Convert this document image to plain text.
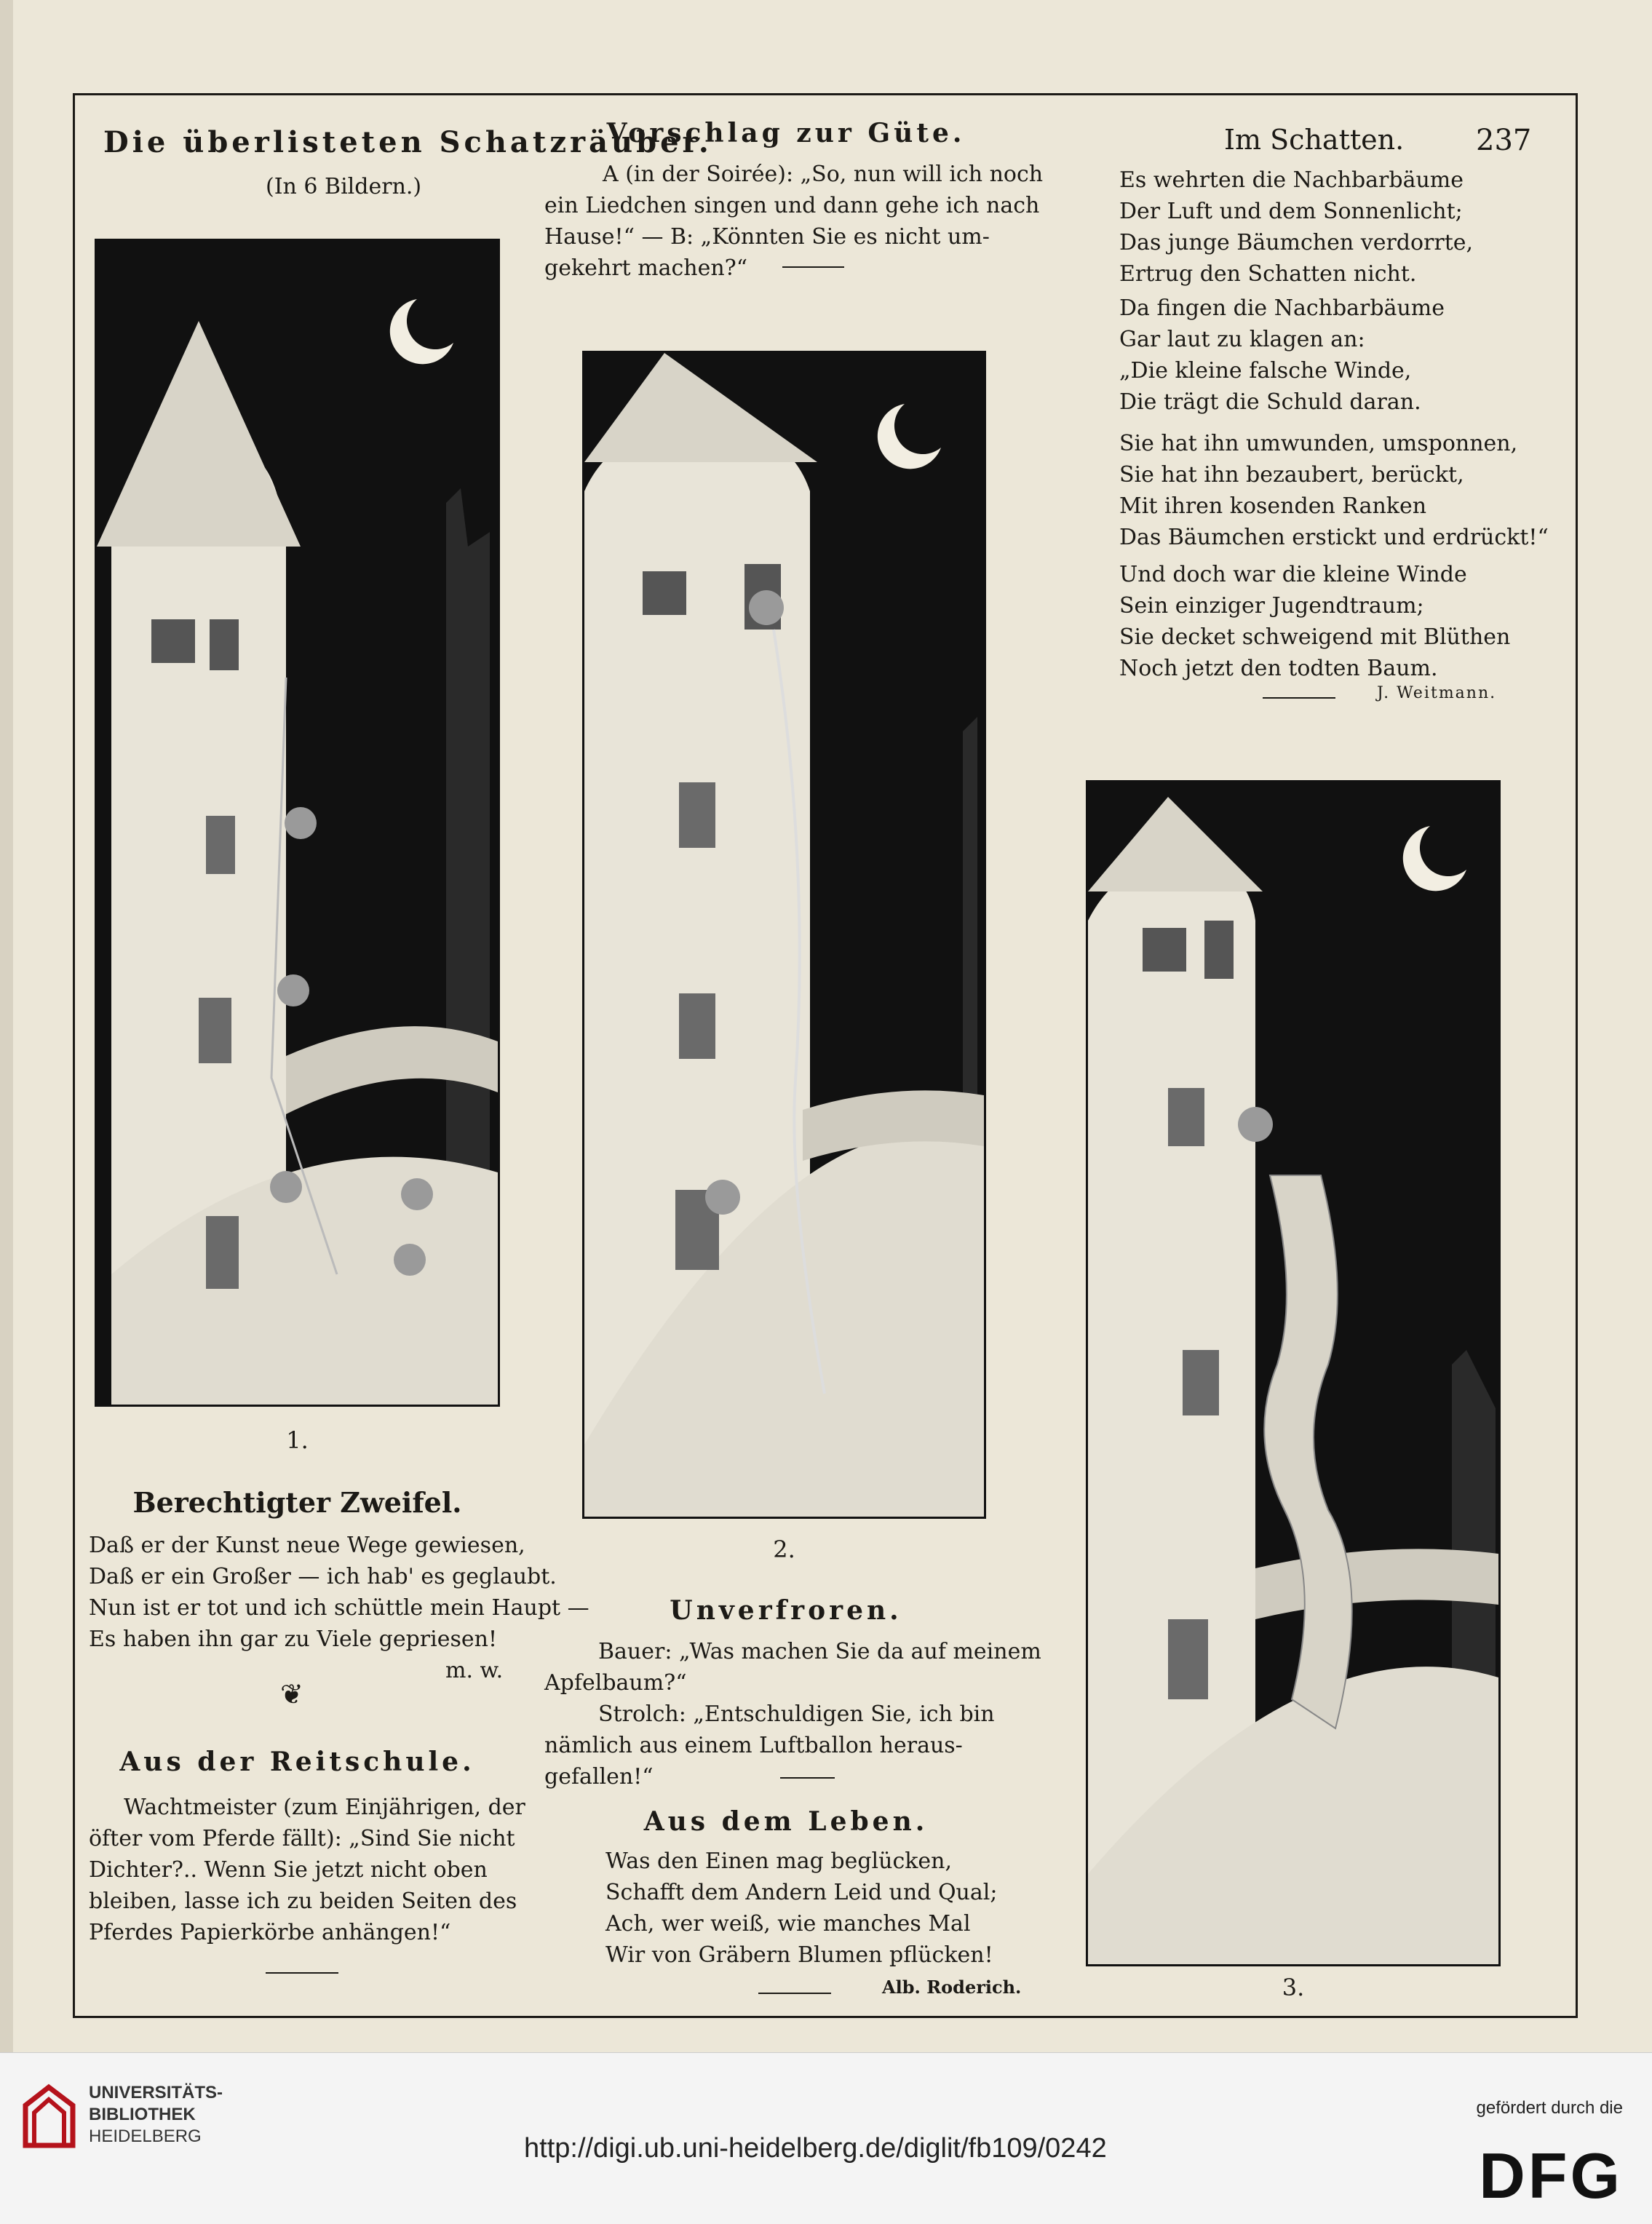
Die überlisteten Schatzräuber.
(In 6 Bildern.)
1.
Berechtigter Zweifel.
Daß er der Kunst neue Wege gewiesen,
Daß er ein Großer — ich hab' es geglaubt.
Nun ist er tot und ich schüttle mein Haupt —
Es haben ihn gar zu Viele gepriesen!
m. w.
❦
Aus der Reitschule.
Wachtmeister (zum Einjährigen, der
öfter vom Pferde fällt): „Sind Sie nicht
Dichter?.. Wenn Sie jetzt nicht oben
bleiben, lasse ich zu beiden Seiten des
Pferdes Papierkörbe anhängen!“
Vorschlag zur Güte.
A (in der Soirée): „So, nun will ich noch
ein Liedchen singen und dann gehe ich nach
Hause!“ — B: „Könnten Sie es nicht um-
gekehrt machen?“
2.
Unverfroren.
Bauer: „Was machen Sie da auf meinem
Apfelbaum?“
Strolch: „Entschuldigen Sie, ich bin
nämlich aus einem Luftballon heraus-
gefallen!“
Aus dem Leben.
Was den Einen mag beglücken,
Schafft dem Andern Leid und Qual;
Ach, wer weiß, wie manches Mal
Wir von Gräbern Blumen pflücken!
Alb. Roderich.
Im Schatten. 237
Es wehrten die Nachbarbäume
Der Luft und dem Sonnenlicht;
Das junge Bäumchen verdorrte,
Ertrug den Schatten nicht.
Da fingen die Nachbarbäume
Gar laut zu klagen an:
„Die kleine falsche Winde,
Die trägt die Schuld daran.
Sie hat ihn umwunden, umsponnen,
Sie hat ihn bezaubert, berückt,
Mit ihren kosenden Ranken
Das Bäumchen erstickt und erdrückt!“
Und doch war die kleine Winde
Sein einziger Jugendtraum;
Sie decket schweigend mit Blüthen
Noch jetzt den todten Baum.
J. Weitmann.
3.
UNIVERSITÄTS-
BIBLIOTHEK
HEIDELBERG	http://digi.ub.uni-heidelberg.de/diglit/fb109/0242
gefördert durch die
DFG
